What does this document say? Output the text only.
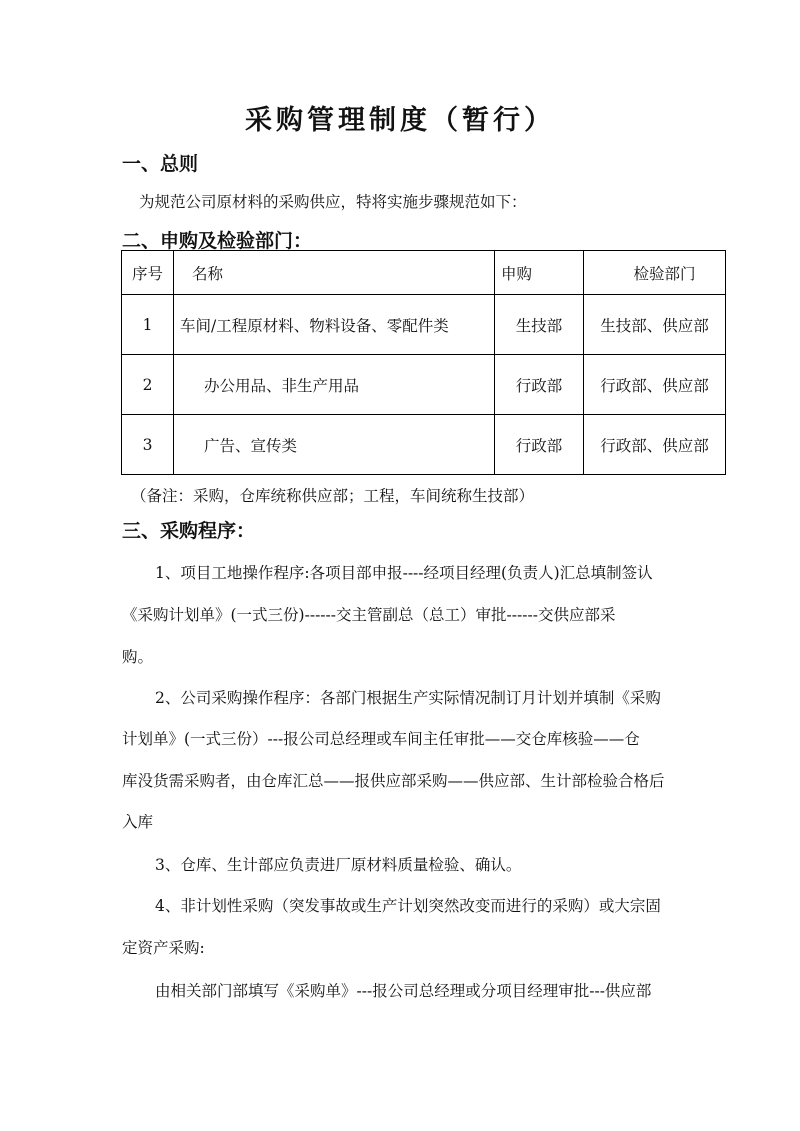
采购管理制度（暂行）
一、总则

为规范公司原材料的采购供应，特将实施步骤规范如下：

二、申购及检验部门：
序号	名称	申购	检验部门
1	车间/工程原材料、物料设备、零配件类	生技部	生技部、供应部
2	办公用品、非生产用品	行政部	行政部、供应部
3	广告、宣传类	行政部	行政部、供应部

（备注：采购，仓库统称供应部；工程，车间统称生技部）

三、采购程序：

1、项目工地操作程序:各项目部申报----经项目经理(负责人)汇总填制签认

《采购计划单》(一式三份)------交主管副总（总工）审批------交供应部采

购。

2、公司采购操作程序：各部门根据生产实际情况制订月计划并填制《采购

计划单》(一式三份）---报公司总经理或车间主任审批——交仓库核验——仓

库没货需采购者，由仓库汇总——报供应部采购——供应部、生计部检验合格后

入库

3、仓库、生计部应负责进厂原材料质量检验、确认。

4、非计划性采购（突发事故或生产计划突然改变而进行的采购）或大宗固

定资产采购:

由相关部门部填写《采购单》---报公司总经理或分项目经理审批---供应部
